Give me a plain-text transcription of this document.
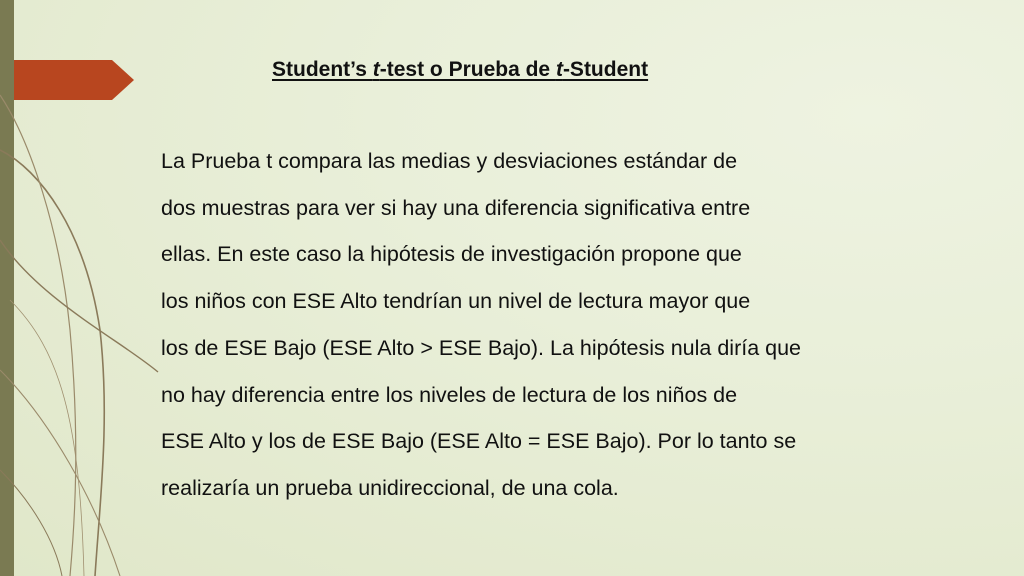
Student’s t-test o Prueba de t-Student
La Prueba t compara las medias y desviaciones estándar de
dos muestras para ver si hay una diferencia significativa entre
ellas. En este caso la hipótesis de investigación propone que
los niños con ESE Alto tendrían un nivel de lectura mayor que
los de ESE Bajo (ESE Alto > ESE Bajo). La hipótesis nula diría que
no hay diferencia entre los niveles de lectura de los niños de
ESE Alto y los de ESE Bajo (ESE Alto = ESE Bajo). Por lo tanto se
realizaría un prueba unidireccional, de una cola.
